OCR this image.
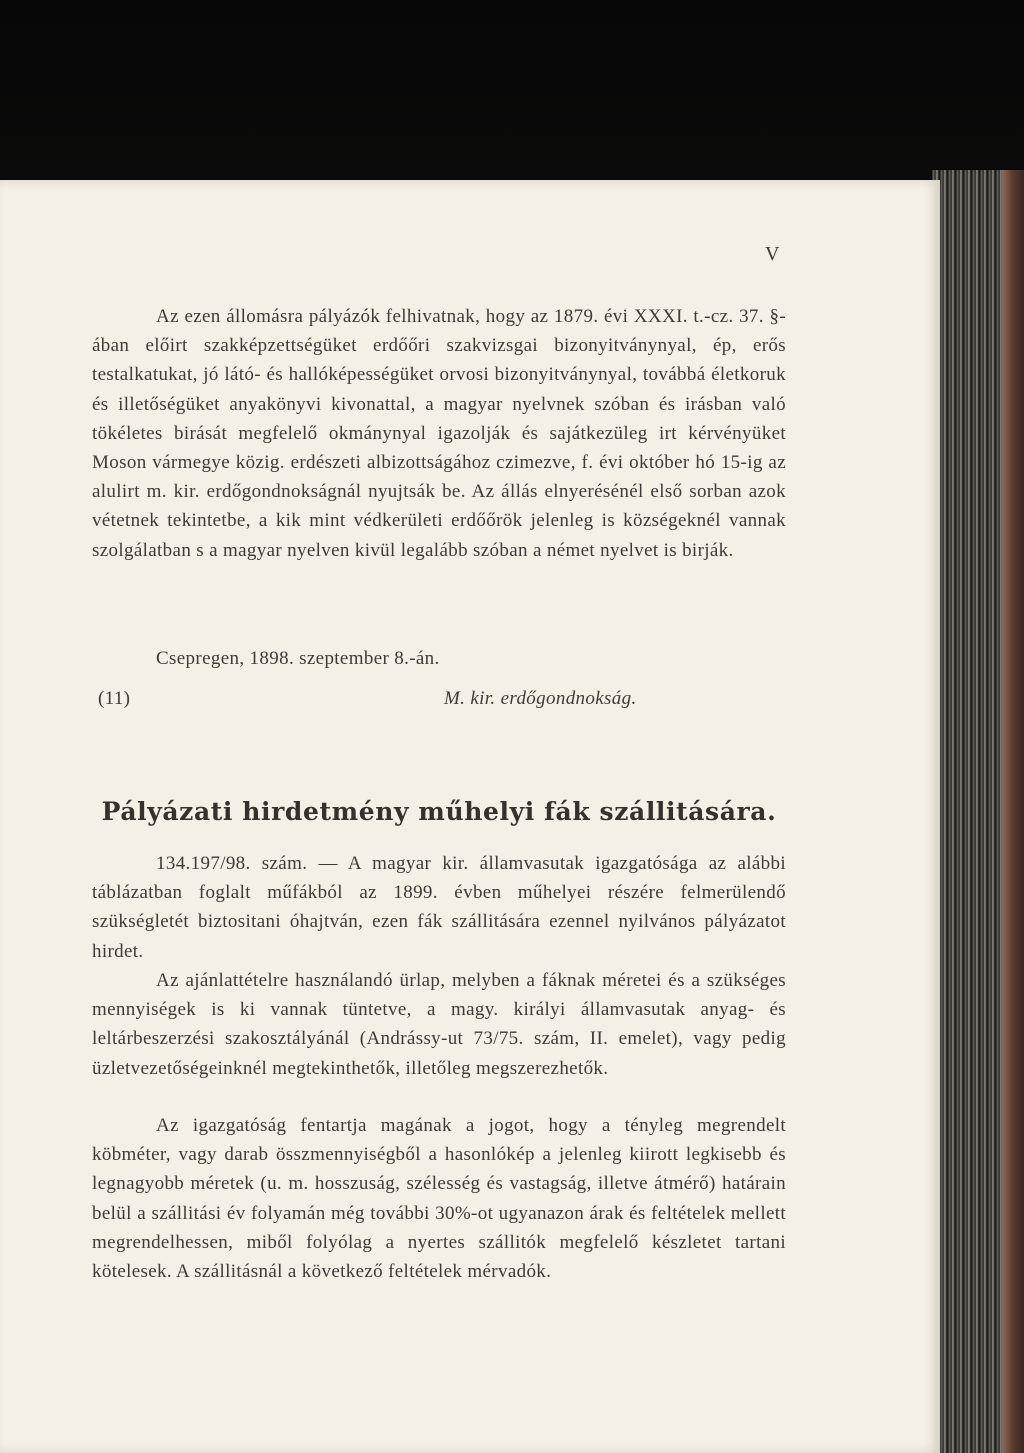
V

Az ezen állomásra pályázók felhivatnak, hogy az 1879. évi XXXI. t.-cz. 37. §-ában előirt szakképzettségüket erdőőri szakvizsgai bizonyitványnyal, ép, erős testalkatukat, jó látó- és hallóképességüket orvosi bizonyitványnyal, továbbá életkoruk és illetőségüket anyakönyvi kivonattal, a magyar nyelvnek szóban és irásban való tökéletes birását megfelelő okmánynyal igazolják és sajátkezüleg irt kérvényüket Moson vármegye közig. erdészeti albizottságához czimezve, f. évi október hó 15-ig az alulirt m. kir. erdőgondnokságnál nyujtsák be. Az állás elnyerésénél első sorban azok vétetnek tekintetbe, a kik mint védkerületi erdőőrök jelenleg is községeknél vannak szolgálatban s a magyar nyelven kivül legalább szóban a német nyelvet is birják.

Csepregen, 1898. szeptember 8.-án.

(11)	M. kir. erdőgondnokság.
Pályázati hirdetmény műhelyi fák szállitására.

134.197/98. szám. — A magyar kir. államvasutak igazgatósága az alábbi táblázatban foglalt műfákból az 1899. évben műhelyei részére felmerülendő szükségletét biztositani óhajtván, ezen fák szállitására ezennel nyilvános pályázatot hirdet.

Az ajánlattételre használandó ürlap, melyben a fáknak méretei és a szükséges mennyiségek is ki vannak tüntetve, a magy. királyi államvasutak anyag- és leltárbeszerzési szakosztályánál (Andrássy-ut 73/75. szám, II. emelet), vagy pedig üzletvezetőségeinknél megtekinthetők, illetőleg megszerezhetők.

Az igazgatóság fentartja magának a jogot, hogy a tényleg megrendelt köbméter, vagy darab összmennyiségből a hasonlókép a jelenleg kiirott legkisebb és legnagyobb méretek (u. m. hosszuság, szélesség és vastagság, illetve átmérő) határain belül a szállitási év folyamán még további 30%-ot ugyanazon árak és feltételek mellett megrendelhessen, miből folyólag a nyertes szállitók megfelelő készletet tartani kötelesek. A szállitásnál a következő feltételek mérvadók.
